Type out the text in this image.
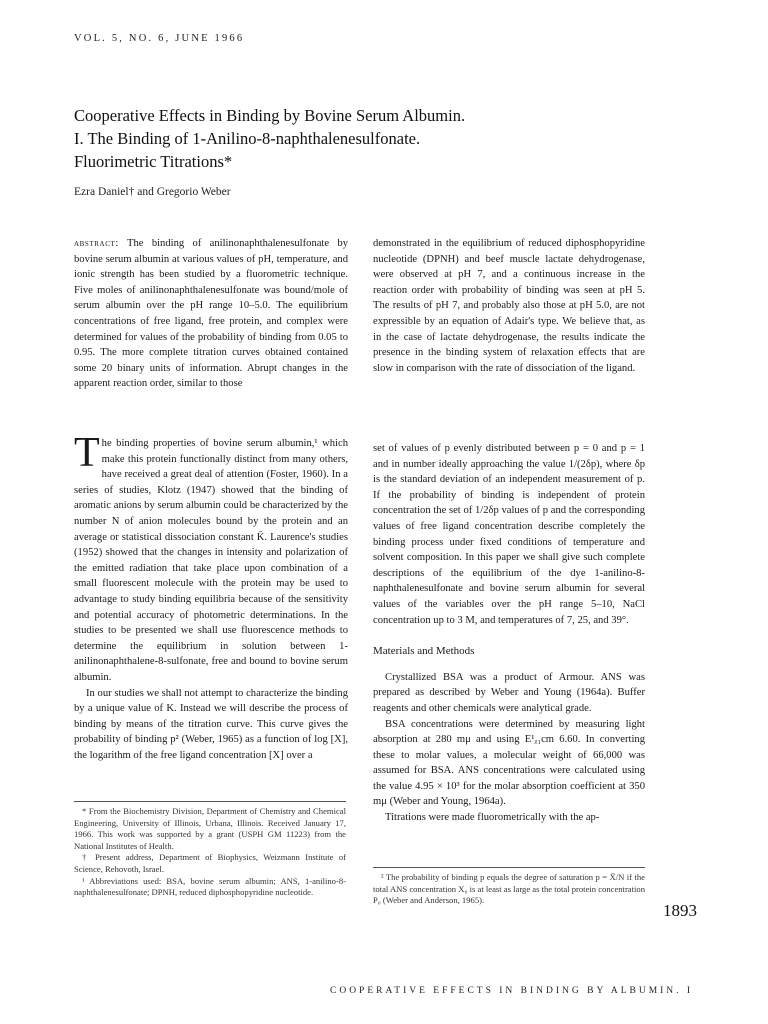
VOL. 5, NO. 6, JUNE 1966
Cooperative Effects in Binding by Bovine Serum Albumin.
I. The Binding of 1-Anilino-8-naphthalenesulfonate.
Fluorimetric Titrations*
Ezra Daniel† and Gregorio Weber

abstract: The binding of anilinonaphthalenesulfonate by bovine serum albumin at various values of pH, temperature, and ionic strength has been studied by a fluorometric technique. Five moles of anilinonaphthalenesulfonate was bound/mole of serum albumin over the pH range 10–5.0. The equilibrium concentrations of free ligand, free protein, and complex were determined for values of the probability of binding from 0.05 to 0.95. The more complete titration curves obtained contained some 20 binary units of information. Abrupt changes in the apparent reaction order, similar to those

demonstrated in the equilibrium of reduced diphosphopyridine nucleotide (DPNH) and beef muscle lactate dehydrogenase, were observed at pH 7, and a continuous increase in the reaction order with probability of binding was seen at pH 5. The results of pH 7, and probably also those at pH 5.0, are not expressible by an equation of Adair's type. We believe that, as in the case of lactate dehydrogenase, the results indicate the presence in the binding system of relaxation effects that are slow in comparison with the rate of dissociation of the ligand.

The binding properties of bovine serum albumin,¹ which make this protein functionally distinct from many others, have received a great deal of attention (Foster, 1960). In a series of studies, Klotz (1947) showed that the binding of aromatic anions by serum albumin could be characterized by the number N of anion molecules bound by the protein and an average or statistical dissociation constant K̄. Laurence's studies (1952) showed that the changes in intensity and polarization of the emitted radiation that take place upon combination of a small fluorescent molecule with the protein may be used to advantage to study binding equilibria because of the sensitivity and potential accuracy of photometric determinations. In the studies to be presented we shall use fluorescence methods to determine the equilibrium in solution between 1-anilinonaphthalene-8-sulfonate, free and bound to bovine serum albumin.

In our studies we shall not attempt to characterize the binding by a unique value of K. Instead we will describe the process of binding by means of the titration curve. This curve gives the probability of binding p² (Weber, 1965) as a function of log [X], the logarithm of the free ligand concentration [X] over a

set of values of p evenly distributed between p = 0 and p = 1 and in number ideally approaching the value 1/(2δp), where δp is the standard deviation of an independent measurement of p. If the probability of binding is independent of protein concentration the set of 1/2δp values of p and the corresponding values of free ligand concentration describe completely the binding process under fixed conditions of temperature and solvent composition. In this paper we shall give such complete descriptions of the equilibrium of the dye 1-anilino-8-naphthalenesulfonate and bovine serum albumin for several values of the variables over the pH range 5–10, NaCl concentration up to 3 M, and temperatures of 7, 25, and 39°.

Materials and Methods

Crystallized BSA was a product of Armour. ANS was prepared as described by Weber and Young (1964a). Buffer reagents and other chemicals were analytical grade.

BSA concentrations were determined by measuring light absorption at 280 mμ and using E¹ᵪ₁cm 6.60. In converting these to molar values, a molecular weight of 66,000 was assumed for BSA. ANS concentrations were calculated using the value 4.95 × 10³ for the molar absorption coefficient at 350 mμ (Weber and Young, 1964a).

Titrations were made fluorometrically with the ap-

* From the Biochemistry Division, Department of Chemistry and Chemical Engineering, University of Illinois, Urbana, Illinois. Received January 17, 1966. This work was supported by a grant (USPH GM 11223) from the National Institutes of Health.

† Present address, Department of Biophysics, Weizmann Institute of Science, Rehovoth, Israel.

¹ Abbreviations used: BSA, bovine serum albumin; ANS, 1-anilino-8-naphthalenesulfonate; DPNH, reduced diphosphopyridine nucleotide.

² The probability of binding p equals the degree of saturation p = X̄/N if the total ANS concentration X₀ is at least as large as the total protein concentration P₀ (Weber and Anderson, 1965).

1893
COOPERATIVE EFFECTS IN BINDING BY ALBUMIN. I
